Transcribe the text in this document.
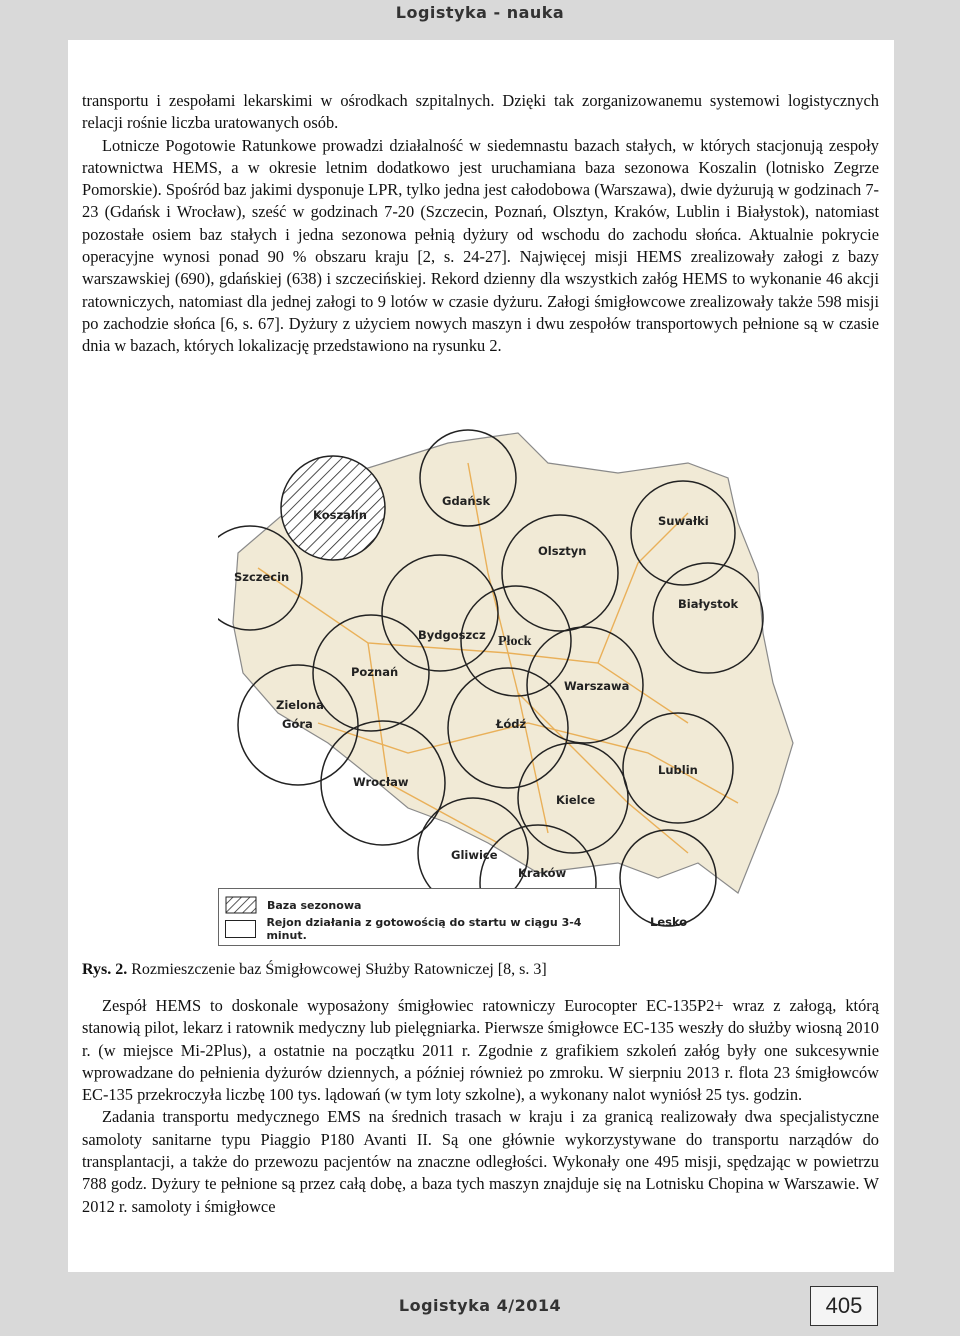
Logistyka - nauka

transportu i zespołami lekarskimi w ośrodkach szpitalnych. Dzięki tak zorganizowanemu systemowi logistycznych relacji rośnie liczba uratowanych osób.

Lotnicze Pogotowie Ratunkowe prowadzi działalność w siedemnastu bazach stałych, w których stacjonują zespoły ratownictwa HEMS, a w okresie letnim dodatkowo jest uruchamiana baza sezonowa Koszalin (lotnisko Zegrze Pomorskie). Spośród baz jakimi dysponuje LPR, tylko jedna jest całodobowa (Warszawa), dwie dyżurują w godzinach 7-23 (Gdańsk i Wrocław), sześć w godzinach 7-20 (Szczecin, Poznań, Olsztyn, Kraków, Lublin i Białystok), natomiast pozostałe osiem baz stałych i jedna sezonowa pełnią dyżury od wschodu do zachodu słońca. Aktualnie pokrycie operacyjne wynosi ponad 90 % obszaru kraju [2, s. 24-27]. Najwięcej misji HEMS zrealizowały załogi z bazy warszawskiej (690), gdańskiej (638) i szczecińskiej. Rekord dzienny dla wszystkich załóg HEMS to wykonanie 46 akcji ratowniczych, natomiast dla jednej załogi to 9 lotów w czasie dyżuru. Załogi śmigłowcowe zrealizowały także 598 misji po zachodzie słońca [6, s. 67]. Dyżury z użyciem nowych maszyn i dwu zespołów transportowych pełnione są w czasie dnia w bazach, których lokalizację przedstawiono na rysunku 2.

Koszalin
Gdańsk
Suwałki
Szczecin
Olsztyn
Białystok
Bydgoszcz Płock
Poznań
Warszawa
Zielona
Góra	Łódź
Wrocław
Lublin
Kielce
Gliwice
Kraków
Lesko
Baza sezonowa
Rejon działania z gotowością do startu w ciągu 3-4 minut.
Rys. 2. Rozmieszczenie baz Śmigłowcowej Służby Ratowniczej [8, s. 3]

Zespół HEMS to doskonale wyposażony śmigłowiec ratowniczy Eurocopter EC-135P2+ wraz z załogą, którą stanowią pilot, lekarz i ratownik medyczny lub pielęgniarka. Pierwsze śmigłowce EC-135 weszły do służby wiosną 2010 r. (w miejsce Mi-2Plus), a ostatnie na początku 2011 r. Zgodnie z grafikiem szkoleń załóg były one sukcesywnie wprowadzane do pełnienia dyżurów dziennych, a później również po zmroku. W sierpniu 2013 r. flota 23 śmigłowców EC-135 przekroczyła liczbę 100 tys. lądowań (w tym loty szkolne), a wykonany nalot wyniósł 25 tys. godzin.

Zadania transportu medycznego EMS na średnich trasach w kraju i za granicą realizowały dwa specjalistyczne samoloty sanitarne typu Piaggio P180 Avanti II. Są one głównie wykorzystywane do transportu narządów do transplantacji, a także do przewozu pacjentów na znaczne odległości. Wykonały one 495 misji, spędzając w powietrzu 788 godz. Dyżury te pełnione są przez całą dobę, a baza tych maszyn znajduje się na Lotnisku Chopina w Warszawie. W 2012 r. samoloty i śmigłowce

Logistyka 4/2014	405
